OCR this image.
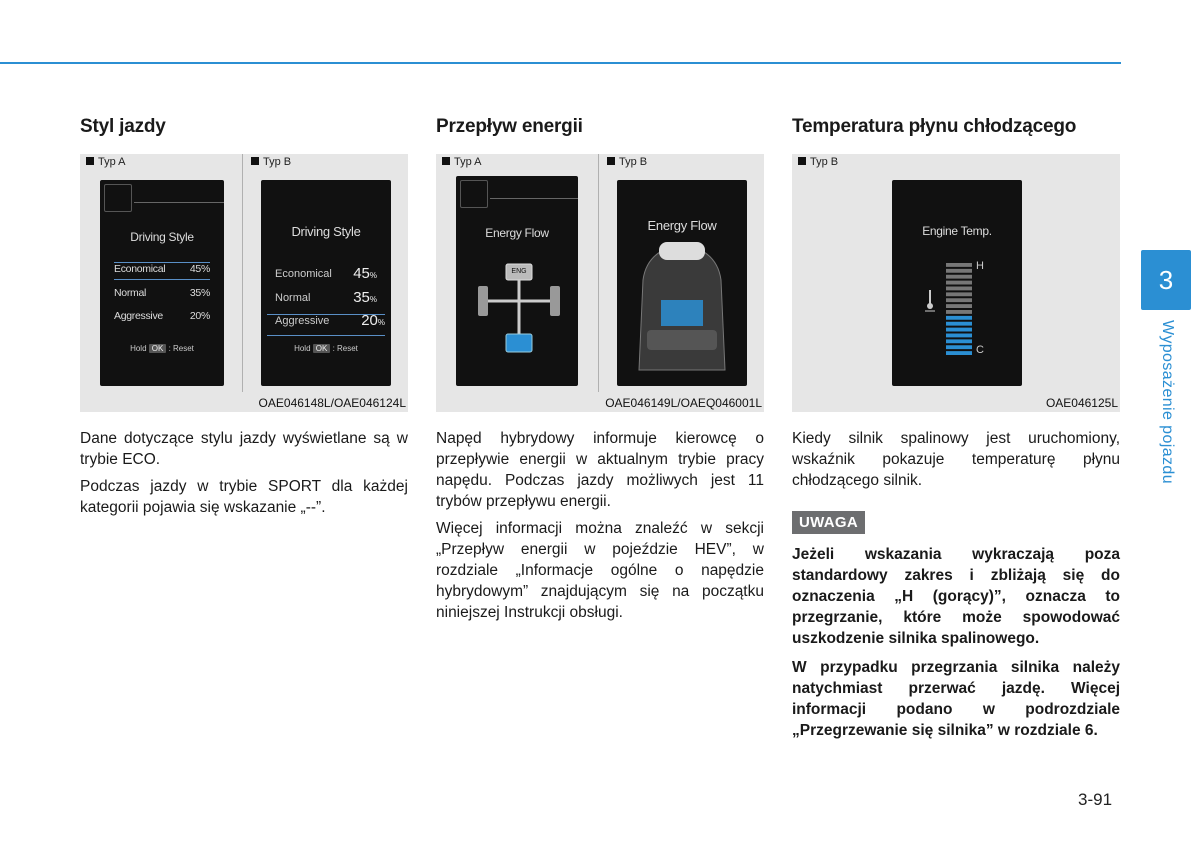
Styl jazdy
Typ A
Driving Style
Economical 45%
Normal	35%
Aggressive	20%
Hold OK : Reset
Typ B
Driving Style
Economical 45%
Normal	35%
Aggressive 20%
Hold OK : Reset
OAE046148L/OAE046124L

Dane dotyczące stylu jazdy wyświetlane są w trybie ECO.

Podczas jazdy w trybie SPORT dla każdej kategorii pojawia się wskazanie „--”.

Przepływ energii
Typ A
Energy Flow
ENG
Typ B
Energy Flow
OAE046149L/OAEQ046001L

Napęd hybrydowy informuje kierowcę o przepływie energii w aktualnym trybie pracy napędu. Podczas jazdy możliwych jest 11 trybów przepływu energii.

Więcej informacji można znaleźć w sekcji „Przepływ energii w pojeździe HEV”, w rozdziale „Informacje ogólne o napędzie hybrydowym” znajdującym się na początku niniejszej Instrukcji obsługi.

Temperatura płynu chłodzącego
Typ B
Engine Temp.
H
C
OAE046125L

Kiedy silnik spalinowy jest uruchomiony, wskaźnik pokazuje temperaturę płynu chłodzącego silnik.

UWAGA

Jeżeli wskazania wykraczają poza standardowy zakres i zbliżają się do oznaczenia „H (gorący)”, oznacza to przegrzanie, które może spowodować uszkodzenie silnika spalinowego.

W przypadku przegrzania silnika należy natychmiast przerwać jazdę. Więcej informacji podano w podrozdziale „Przegrzewanie się silnika” w rozdziale 6.

3
Wyposażenie pojazdu
3-91
